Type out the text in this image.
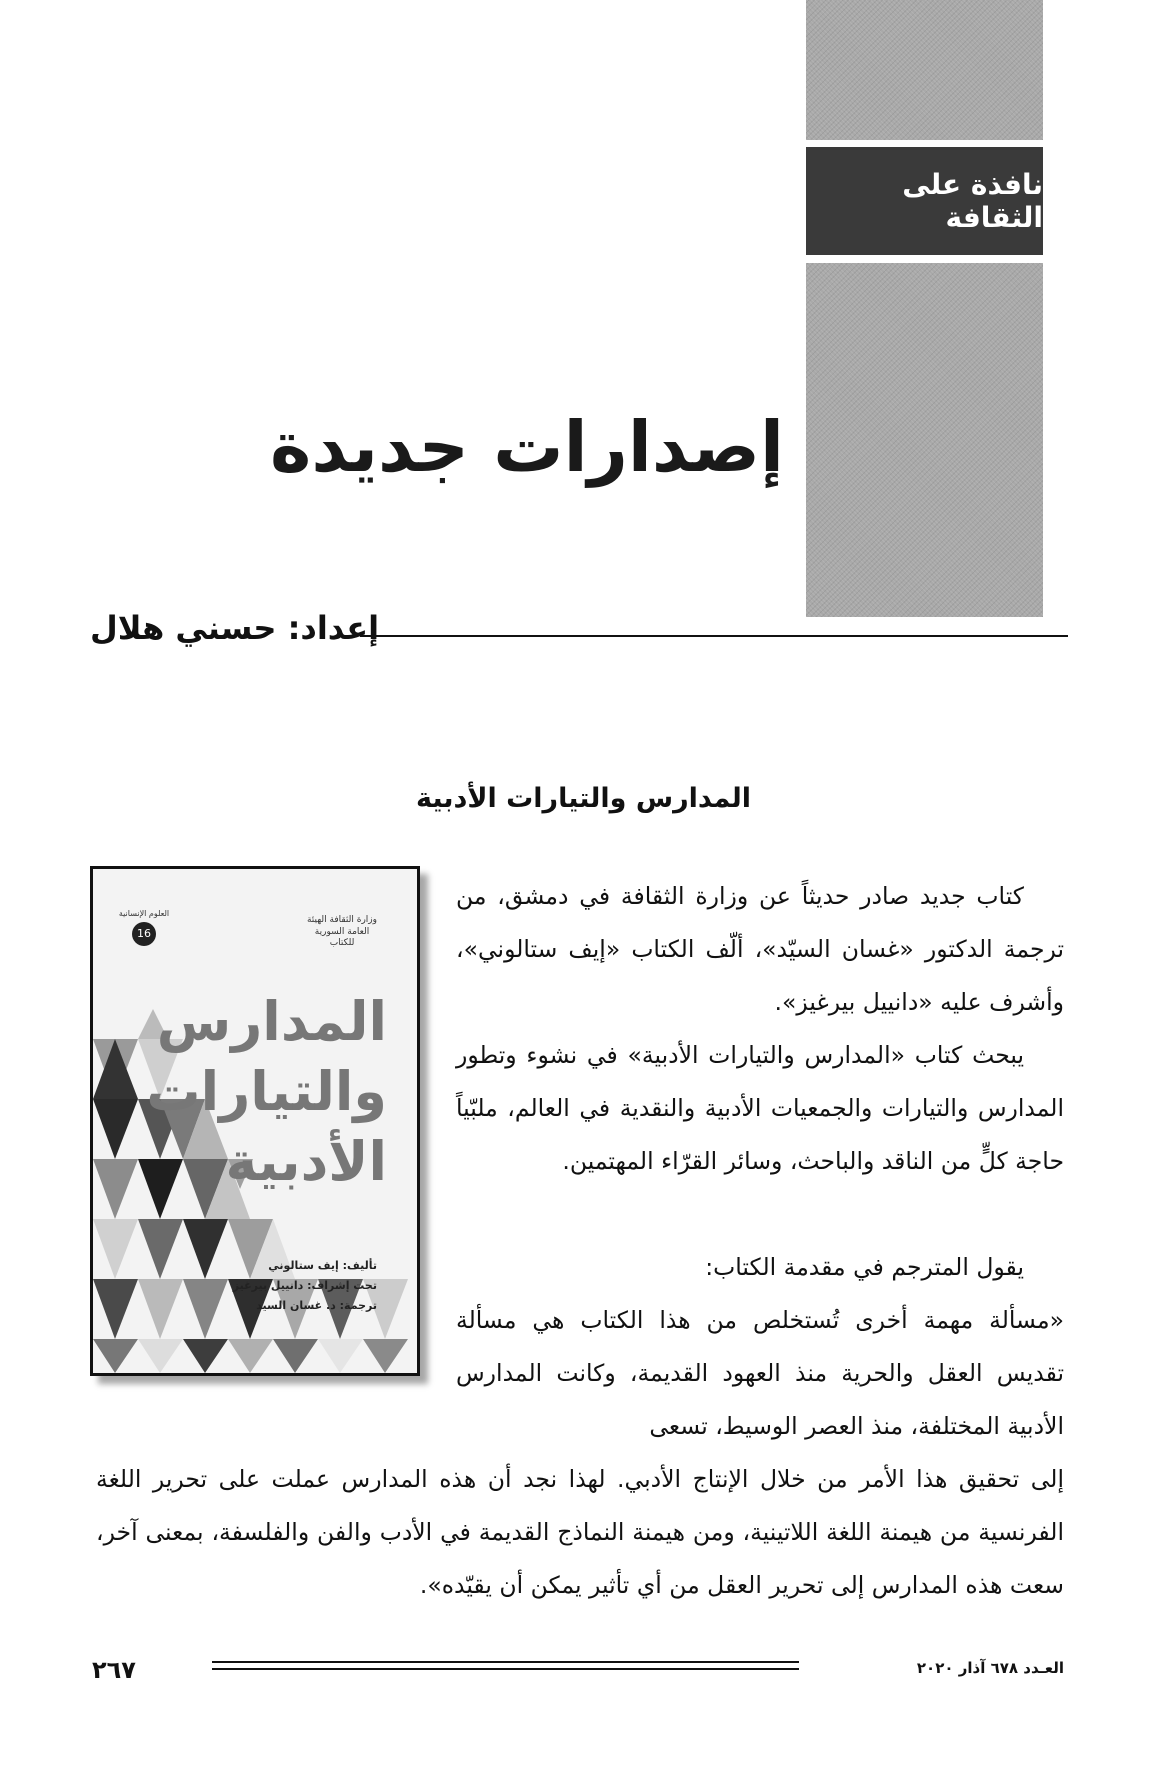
نافذة على الثقافة
إصدارات جديدة
إعداد: حسني هلال
المدارس والتيارات الأدبية
وزارة الثقافة الهيئة العامة السورية للكتاب
العلوم الإنسانية
16
المدارس
والتيارات
الأدبية
تأليف: إيف ستالوني
تحت إشراف: دانييل بيرغيز
ترجمة: د. غسان السيد

كتاب جديد صادر حديثاً عن وزارة الثقافة في دمشق، من ترجمة الدكتور «غسان السيّد»، ألّف الكتاب «إيف ستالوني»، وأشرف عليه «دانييل بيرغيز».

يبحث كتاب «المدارس والتيارات الأدبية» في نشوء وتطور المدارس والتيارات والجمعيات الأدبية والنقدية في العالم، ملبّياً حاجة كلٍّ من الناقد والباحث، وسائر القرّاء المهتمين.

يقول المترجم في مقدمة الكتاب:

«مسألة مهمة أخرى تُستخلص من هذا الكتاب هي مسألة تقديس العقل والحرية منذ العهود القديمة، وكانت المدارس الأدبية المختلفة، منذ العصر الوسيط، تسعى

إلى تحقيق هذا الأمر من خلال الإنتاج الأدبي. لهذا نجد أن هذه المدارس عملت على تحرير اللغة الفرنسية من هيمنة اللغة اللاتينية، ومن هيمنة النماذج القديمة في الأدب والفن والفلسفة، بمعنى آخر، سعت هذه المدارس إلى تحرير العقل من أي تأثير يمكن أن يقيّده».

٢٦٧	العـدد ٦٧٨ آذار ٢٠٢٠
